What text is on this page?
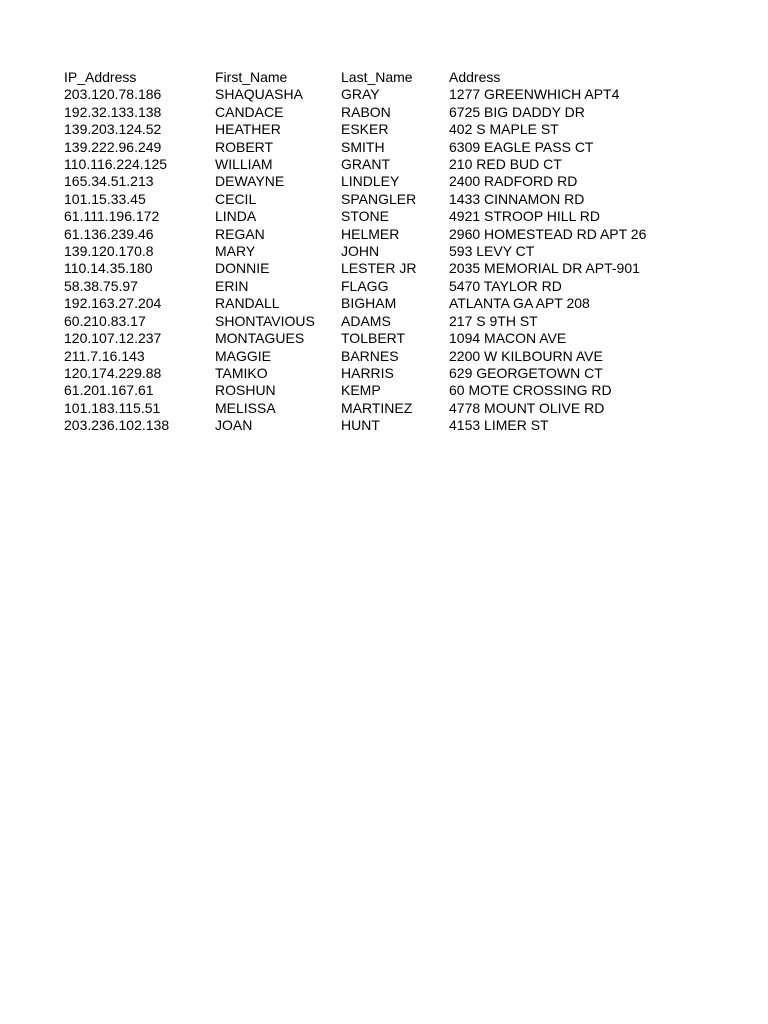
IP_Address	First_Name	Last_Name	Address
203.120.78.186	SHAQUASHA	GRAY	1277 GREENWHICH APT4
192.32.133.138	CANDACE	RABON	6725 BIG DADDY DR
139.203.124.52	HEATHER	ESKER	402 S MAPLE ST
139.222.96.249	ROBERT	SMITH	6309 EAGLE PASS CT
110.116.224.125	WILLIAM	GRANT	210 RED BUD CT
165.34.51.213	DEWAYNE	LINDLEY	2400 RADFORD RD
101.15.33.45	CECIL	SPANGLER	1433 CINNAMON RD
61.111.196.172	LINDA	STONE	4921 STROOP HILL RD
61.136.239.46	REGAN	HELMER	2960 HOMESTEAD RD APT 26
139.120.170.8	MARY	JOHN	593 LEVY CT
110.14.35.180	DONNIE	LESTER JR	2035 MEMORIAL DR APT-901
58.38.75.97	ERIN	FLAGG	5470 TAYLOR RD
192.163.27.204	RANDALL	BIGHAM	ATLANTA GA APT 208
60.210.83.17	SHONTAVIOUS	ADAMS	217 S 9TH ST
120.107.12.237	MONTAGUES	TOLBERT	1094 MACON AVE
211.7.16.143	MAGGIE	BARNES	2200 W KILBOURN AVE
120.174.229.88	TAMIKO	HARRIS	629 GEORGETOWN CT
61.201.167.61	ROSHUN	KEMP	60 MOTE CROSSING RD
101.183.115.51	MELISSA	MARTINEZ	4778 MOUNT OLIVE RD
203.236.102.138	JOAN	HUNT	4153 LIMER ST
